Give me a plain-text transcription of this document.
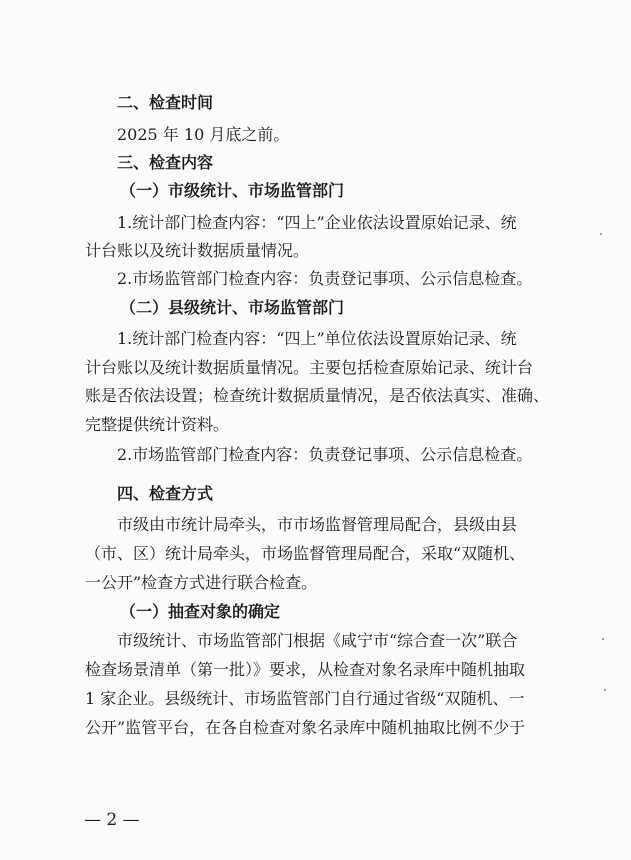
二、检查时间
2025 年 10 月底之前。
三、检查内容
（一）市级统计、市场监管部门
1.统计部门检查内容：“四上”企业依法设置原始记录、统
计台账以及统计数据质量情况。
2.市场监管部门检查内容：负责登记事项、公示信息检查。
（二）县级统计、市场监管部门
1.统计部门检查内容：“四上”单位依法设置原始记录、统
计台账以及统计数据质量情况。主要包括检查原始记录、统计台
账是否依法设置；检查统计数据质量情况，是否依法真实、准确、
完整提供统计资料。
2.市场监管部门检查内容：负责登记事项、公示信息检查。
四、检查方式
市级由市统计局牵头，市市场监督管理局配合，县级由县
（市、区）统计局牵头，市场监督管理局配合，采取“双随机、
一公开”检查方式进行联合检查。
（一）抽查对象的确定
市级统计、市场监管部门根据《咸宁市“综合查一次”联合
检查场景清单（第一批）》要求，从检查对象名录库中随机抽取
1 家企业。县级统计、市场监管部门自行通过省级“双随机、一
公开”监管平台，在各自检查对象名录库中随机抽取比例不少于
— 2 —
